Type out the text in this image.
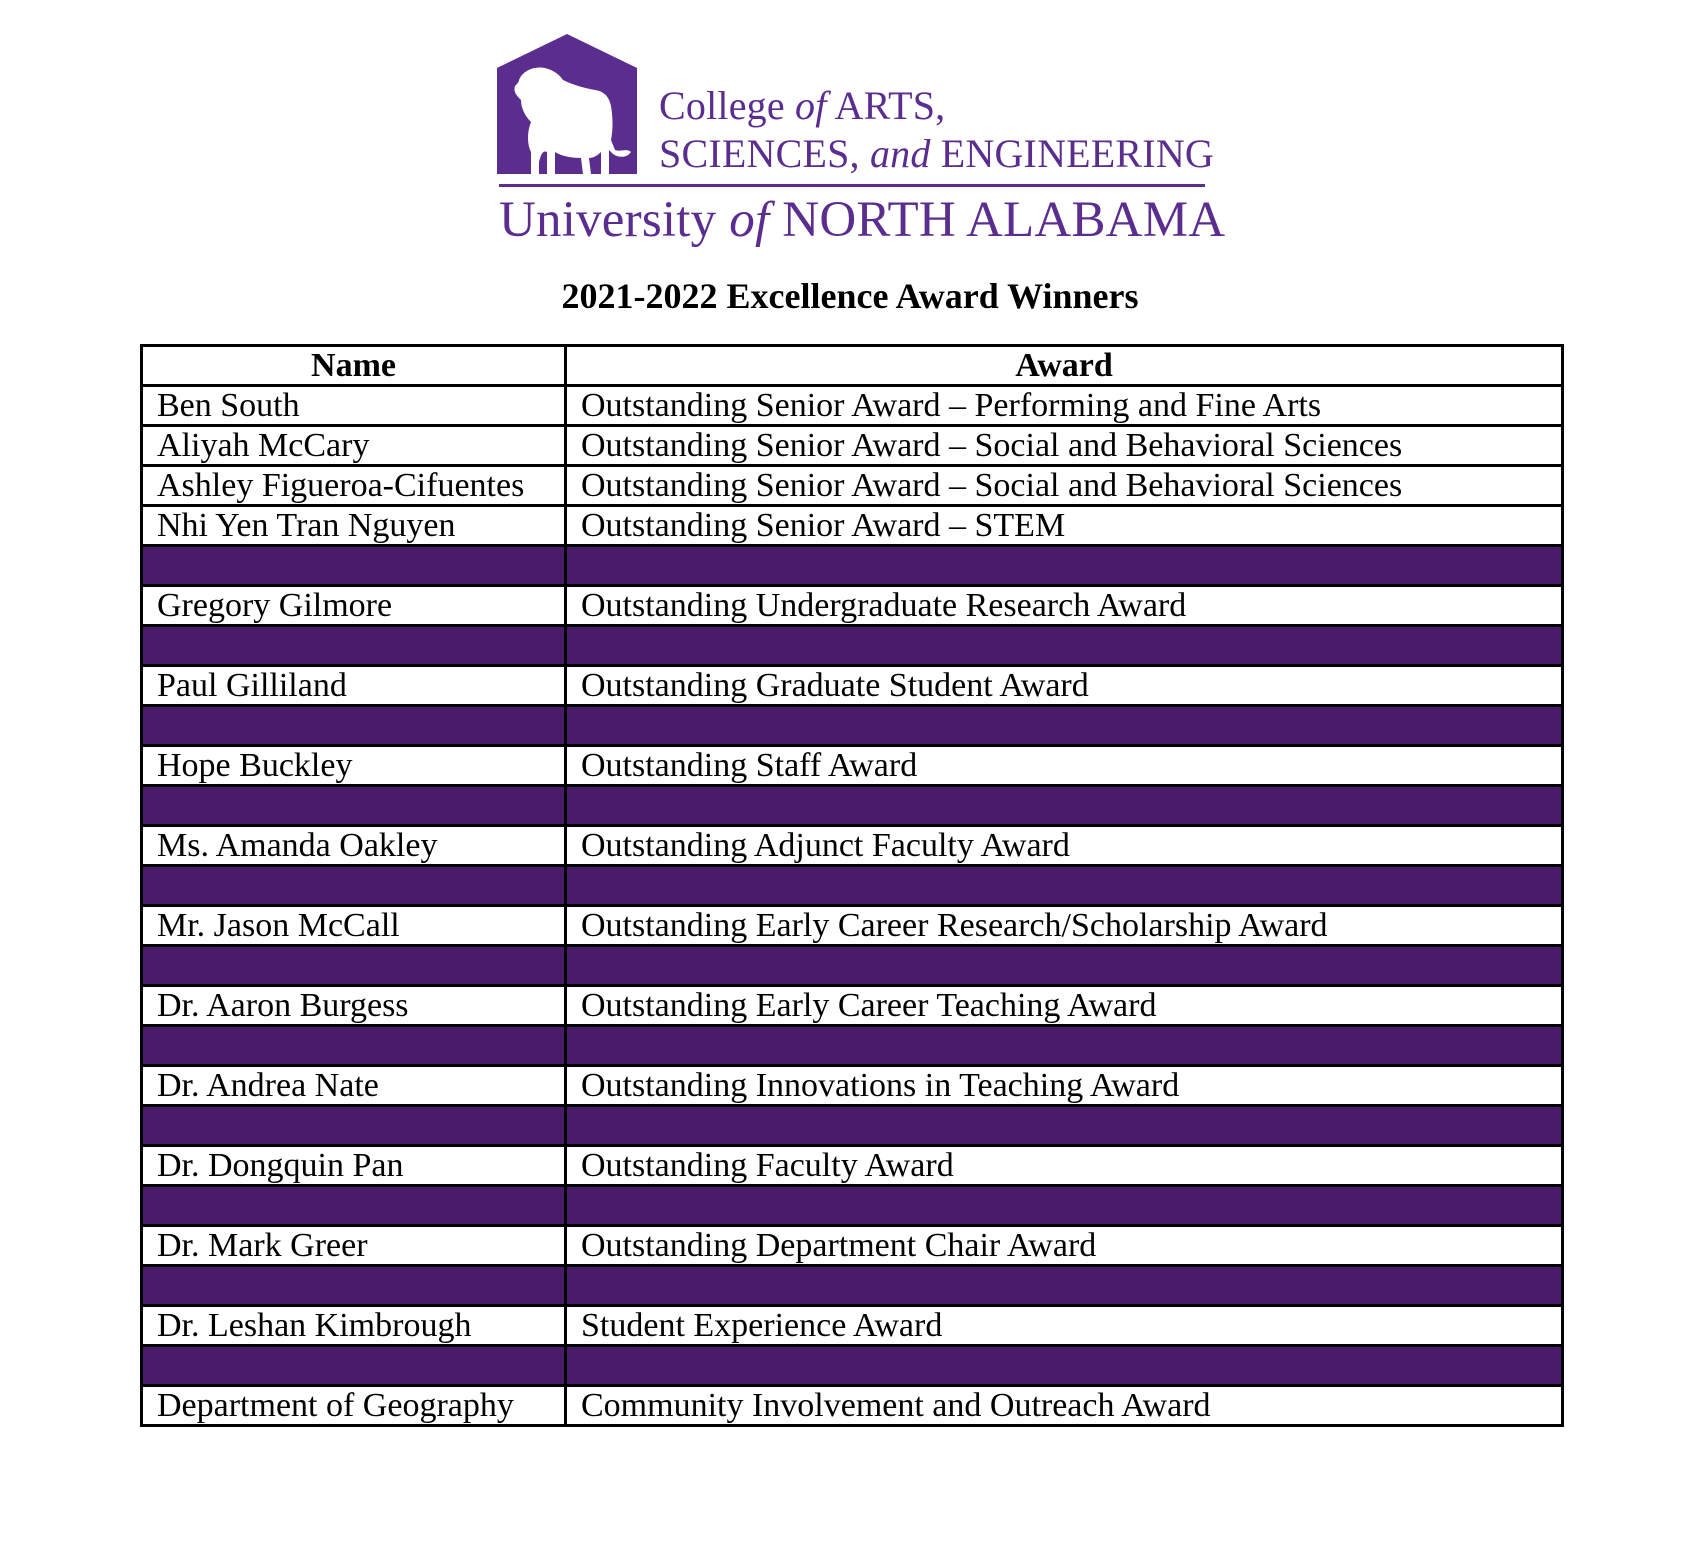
College of ARTS,
SCIENCES, and ENGINEERING
University of NORTH ALABAMA
2021-2022 Excellence Award Winners
Name	Award
Ben South	Outstanding Senior Award – Performing and Fine Arts
Aliyah McCary	Outstanding Senior Award – Social and Behavioral Sciences
Ashley Figueroa-Cifuentes	Outstanding Senior Award – Social and Behavioral Sciences
Nhi Yen Tran Nguyen	Outstanding Senior Award – STEM

Gregory Gilmore	Outstanding Undergraduate Research Award

Paul Gilliland	Outstanding Graduate Student Award

Hope Buckley	Outstanding Staff Award

Ms. Amanda Oakley	Outstanding Adjunct Faculty Award

Mr. Jason McCall	Outstanding Early Career Research/Scholarship Award

Dr. Aaron Burgess	Outstanding Early Career Teaching Award

Dr. Andrea Nate	Outstanding Innovations in Teaching Award

Dr. Dongquin Pan	Outstanding Faculty Award

Dr. Mark Greer	Outstanding Department Chair Award

Dr. Leshan Kimbrough	Student Experience Award

Department of Geography	Community Involvement and Outreach Award
